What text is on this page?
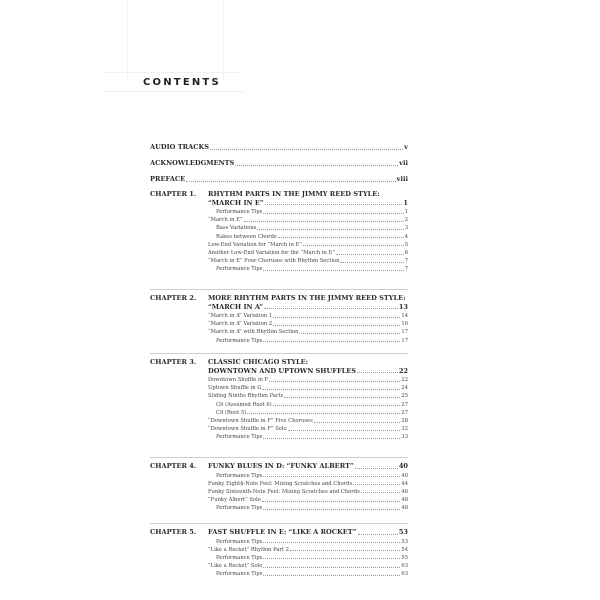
CONTENTS
AUDIO TRACKS	v
ACKNOWLEDGMENTS	vii
PREFACE	viii
CHAPTER 1. RHYTHM PARTS IN THE JIMMY REED STYLE:
“MARCH IN E”	1
Performance Tips	1
“March in E”	2
Bass Variations	3
Rakes between Chords	4
Low-End Variation for “March in E”	5
Another Low-End Variation for the “March in E”	6
“March in E” Four Choruses with Rhythm Section	7
Performance Tips	7
CHAPTER 2. MORE RHYTHM PARTS IN THE JIMMY REED STYLE:
“MARCH IN A”	13
“March in A” Variation 1	14
“March in A” Variation 2	16
“March in A” with Rhythm Section	17
Performance Tips	17
CHAPTER 3. CLASSIC CHICAGO STYLE:
DOWNTOWN AND UPTOWN SHUFFLES	22
Downtown Shuffle in F	22
Uptown Shuffle in G	24
Sliding Ninths Rhythm Parts	25
G9 (Assumed Root 6)	27
C9 (Root 5)	27
“Downtown Shuffle in F” Five Choruses	28
“Downtown Shuffle in F” Solo	32
Performance Tips	33
CHAPTER 4. FUNKY BLUES IN D: “FUNKY ALBERT”	40
Performance Tips	40
Funky Eighth-Note Feel: Mixing Scratches and Chords	44
Funky Sixteenth-Note Feel: Mixing Scratches and Chords	46
“Funky Albert” Solo	48
Performance Tips	48
CHAPTER 5. FAST SHUFFLE IN E: “LIKE A ROCKET”	53
Performance Tips	53
“Like a Rocket” Rhythm Part 2	54
Performance Tips	55
“Like a Rocket” Solo	63
Performance Tips	63
